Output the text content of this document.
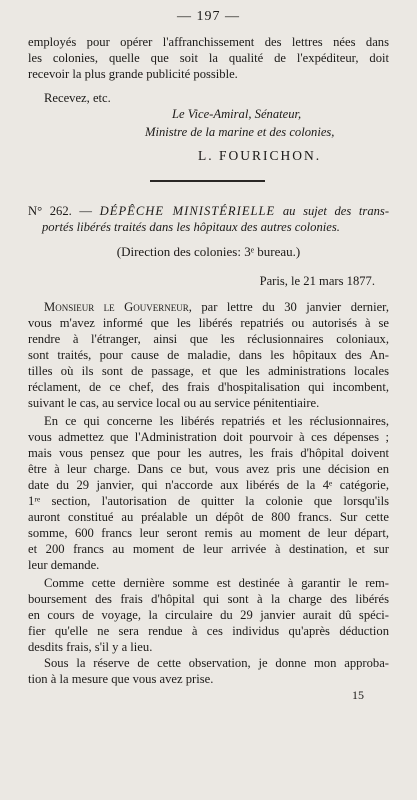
— 197 —
employés pour opérer l'affranchissement des lettres nées dans
les colonies, quelle que soit la qualité de l'expéditeur, doit
recevoir la plus grande publicité possible.
Recevez, etc.
Le Vice-Amiral, Sénateur,
Ministre de la marine et des colonies,
L. FOURICHON.
N° 262. — DÉPÊCHE MINISTÉRIELLE au sujet des trans-
portés libérés traités dans les hôpitaux des autres colonies.
(Direction des colonies: 3ᵉ bureau.)
Paris, le 21 mars 1877.
Monsieur le Gouverneur, par lettre du 30 janvier dernier,
vous m'avez informé que les libérés repatriés ou autorisés à se
rendre à l'étranger, ainsi que les réclusionnaires coloniaux,
sont traités, pour cause de maladie, dans les hôpitaux des An-
tilles où ils sont de passage, et que les administrations locales
réclament, de ce chef, des frais d'hospitalisation qui incombent,
suivant le cas, au service local ou au service pénitentiaire.
En ce qui concerne les libérés repatriés et les réclusionnaires,
vous admettez que l'Administration doit pourvoir à ces dépenses ;
mais vous pensez que pour les autres, les frais d'hôpital doivent
être à leur charge. Dans ce but, vous avez pris une décision en
date du 29 janvier, qui n'accorde aux libérés de la 4ᵉ catégorie,
1ʳᵉ section, l'autorisation de quitter la colonie que lorsqu'ils
auront constitué au préalable un dépôt de 800 francs. Sur cette
somme, 600 francs leur seront remis au moment de leur départ,
et 200 francs au moment de leur arrivée à destination, et sur
leur demande.
Comme cette dernière somme est destinée à garantir le rem-
boursement des frais d'hôpital qui sont à la charge des libérés
en cours de voyage, la circulaire du 29 janvier aurait dû spéci-
fier qu'elle ne sera rendue à ces individus qu'après déduction
desdits frais, s'il y a lieu.
Sous la réserve de cette observation, je donne mon approba-
tion à la mesure que vous avez prise.
15
